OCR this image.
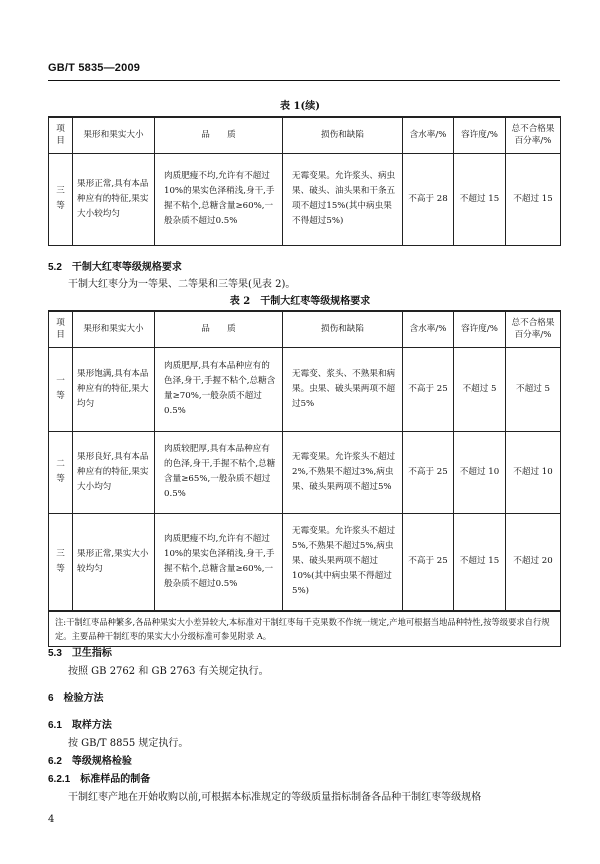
GB/T 5835—2009
表 1(续)
项目	果形和果实大小	品　　质	损伤和缺陷	含水率/%	容许度/%	总不合格果百分率/%
三等	果形正常,具有本品种应有的特征,果实大小较均匀	肉质肥瘦不均,允许有不超过10%的果实色泽稍浅,身干,手握不粘个,总糖含量≥60%,一般杂质不超过0.5%	无霉变果。允许浆头、病虫果、破头、油头果和干条五项不超过15%(其中病虫果不得超过5%)	不高于 28	不超过 15	不超过 15
5.2　干制大红枣等级规格要求
干制大红枣分为一等果、二等果和三等果(见表 2)。
表 2　干制大红枣等级规格要求
项目	果形和果实大小	品　　质	损伤和缺陷	含水率/%	容许度/%	总不合格果百分率/%
一等	果形饱满,具有本品种应有的特征,果大均匀	肉质肥厚,具有本品种应有的色泽,身干,手握不粘个,总糖含量≥70%,一般杂质不超过0.5%	无霉变、浆头、不熟果和病果。虫果、破头果两项不超过5%	不高于 25	不超过 5	不超过 5
二等	果形良好,具有本品种应有的特征,果实大小均匀	肉质较肥厚,具有本品种应有的色泽,身干,手握不粘个,总糖含量≥65%,一般杂质不超过0.5%	无霉变果。允许浆头不超过2%,不熟果不超过3%,病虫果、破头果两项不超过5%	不高于 25	不超过 10	不超过 10
三等	果形正常,果实大小较均匀	肉质肥瘦不均,允许有不超过10%的果实色泽稍浅,身干,手握不粘个,总糖含量≥60%,一般杂质不超过0.5%	无霉变果。允许浆头不超过5%,不熟果不超过5%,病虫果、破头果两项不超过10%(其中病虫果不得超过5%)	不高于 25	不超过 15	不超过 20
注:干制红枣品种繁多,各品种果实大小差异较大,本标准对干制红枣每千克果数不作统一规定,产地可根据当地品种特性,按等级要求自行规定。主要品种干制红枣的果实大小分级标准可参见附录 A。						
5.3　卫生指标
按照 GB 2762 和 GB 2763 有关规定执行。
6　检验方法
6.1　取样方法
按 GB/T 8855 规定执行。
6.2　等级规格检验
6.2.1　标准样品的制备
干制红枣产地在开始收购以前,可根据本标准规定的等级质量指标制备各品种干制红枣等级规格
4
